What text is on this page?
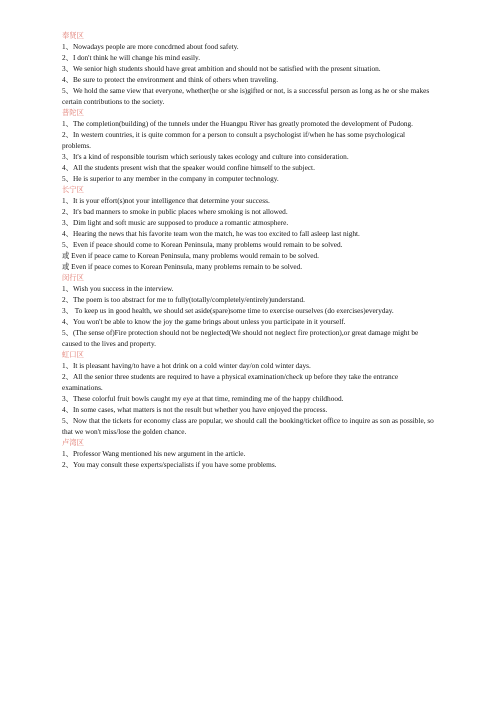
奉贤区
1、Nowadays people are more concdrned about food safety.
2、I don't think he will change his mind easily.
3、We senior high students should have great ambition and should not be satisfied with the present situation.
4、Be sure to protect the environment and think of others when traveling.
5、We hold the same view that everyone, whether(he or she is)gifted or not, is a successful person as long as he or she makes certain contributions to the society.
普陀区
1、The completion(building) of the tunnels under the Huangpu River has greatly promoted the development of Pudong.
2、In western countries, it is quite common for a person to consult a psychologist if/when he has some psychological problems.
3、It's a kind of responsible tourism which seriously takes ecology and culture into consideration.
4、All the students present wish that the speaker would confine himself to the subject.
5、He is superior to any member in the company in computer technology.
长宁区
1、It is your effort(s)not your intelligence that determine your success.
2、It's bad manners to smoke in public places where smoking is not allowed.
3、Dim light and soft music are supposed to produce a romantic atmosphere.
4、Hearing the news that his favorite team won the match, he was too excited to fall asleep last night.
5、Even if peace should come to Korean Peninsula, many problems would remain to be solved.
或 Even if peace came to Korean Peninsula, many problems would remain to be solved.
或 Even if peace comes to Korean Peninsula, many problems remain to be solved.
闵行区
1、Wish you success in the interview.
2、The poem is too abstract for me to fully(totally/completely/entirely)understand.
3、 To keep us in good health, we should set aside(spare)some time to exercise ourselves (do exercises)everyday.
4、You won't be able to know the joy the game brings about unless you participate in it yourself.
5、(The sense of)Fire protection should not be neglected(We should not neglect fire protection),or great damage might be caused to the lives and property.
虹口区
1、It is pleasant having/to have a hot drink on a cold winter day/on cold winter days.
2、All the senior three students are required to have a physical examination/check up before they take the entrance examinations.
3、These colorful fruit bowls caught my eye at that time, reminding me of the happy childhood.
4、In some cases, what matters is not the result but whether you have enjoyed the process.
5、Now that the tickets for economy class are popular, we should call the booking/ticket office to inquire as son as possible, so that we won't miss/lose the golden chance.
卢湾区
1、Professor Wang mentioned his new argument in the article.
2、You may consult these experts/specialists if you have some problems.
